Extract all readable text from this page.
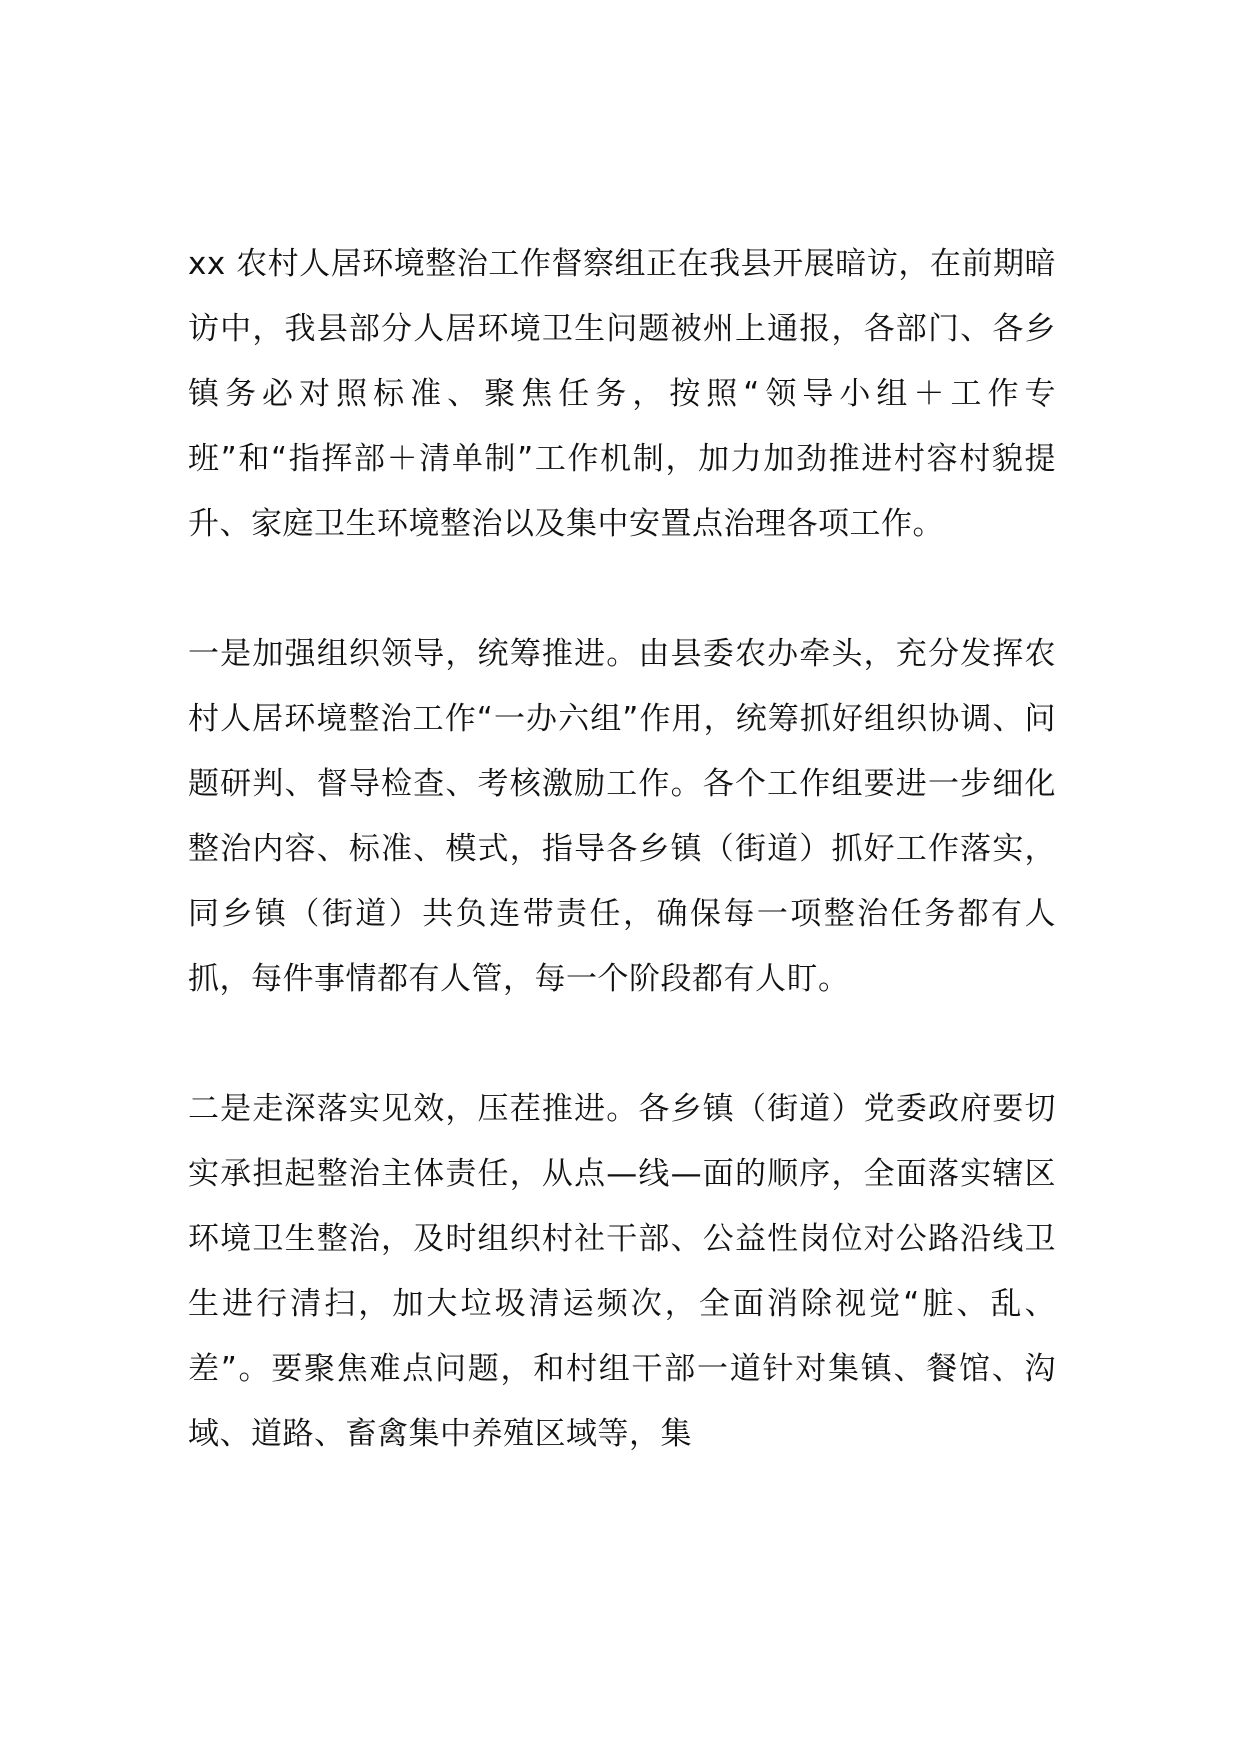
xx 农村人居环境整治工作督察组正在我县开展暗访，在前期暗访中，我县部分人居环境卫生问题被州上通报，各部门、各乡镇务必对照标准、聚焦任务，按照“领导小组＋工作专班”和“指挥部＋清单制”工作机制，加力加劲推进村容村貌提升、家庭卫生环境整治以及集中安置点治理各项工作。

一是加强组织领导，统筹推进。由县委农办牵头，充分发挥农村人居环境整治工作“一办六组”作用，统筹抓好组织协调、问题研判、督导检查、考核激励工作。各个工作组要进一步细化整治内容、标准、模式，指导各乡镇（街道）抓好工作落实，同乡镇（街道）共负连带责任，确保每一项整治任务都有人抓，每件事情都有人管，每一个阶段都有人盯。

二是走深落实见效，压茬推进。各乡镇（街道）党委政府要切实承担起整治主体责任，从点—线—面的顺序，全面落实辖区环境卫生整治，及时组织村社干部、公益性岗位对公路沿线卫生进行清扫，加大垃圾清运频次，全面消除视觉“脏、乱、差”。要聚焦难点问题，和村组干部一道针对集镇、餐馆、沟域、道路、畜禽集中养殖区域等，集
